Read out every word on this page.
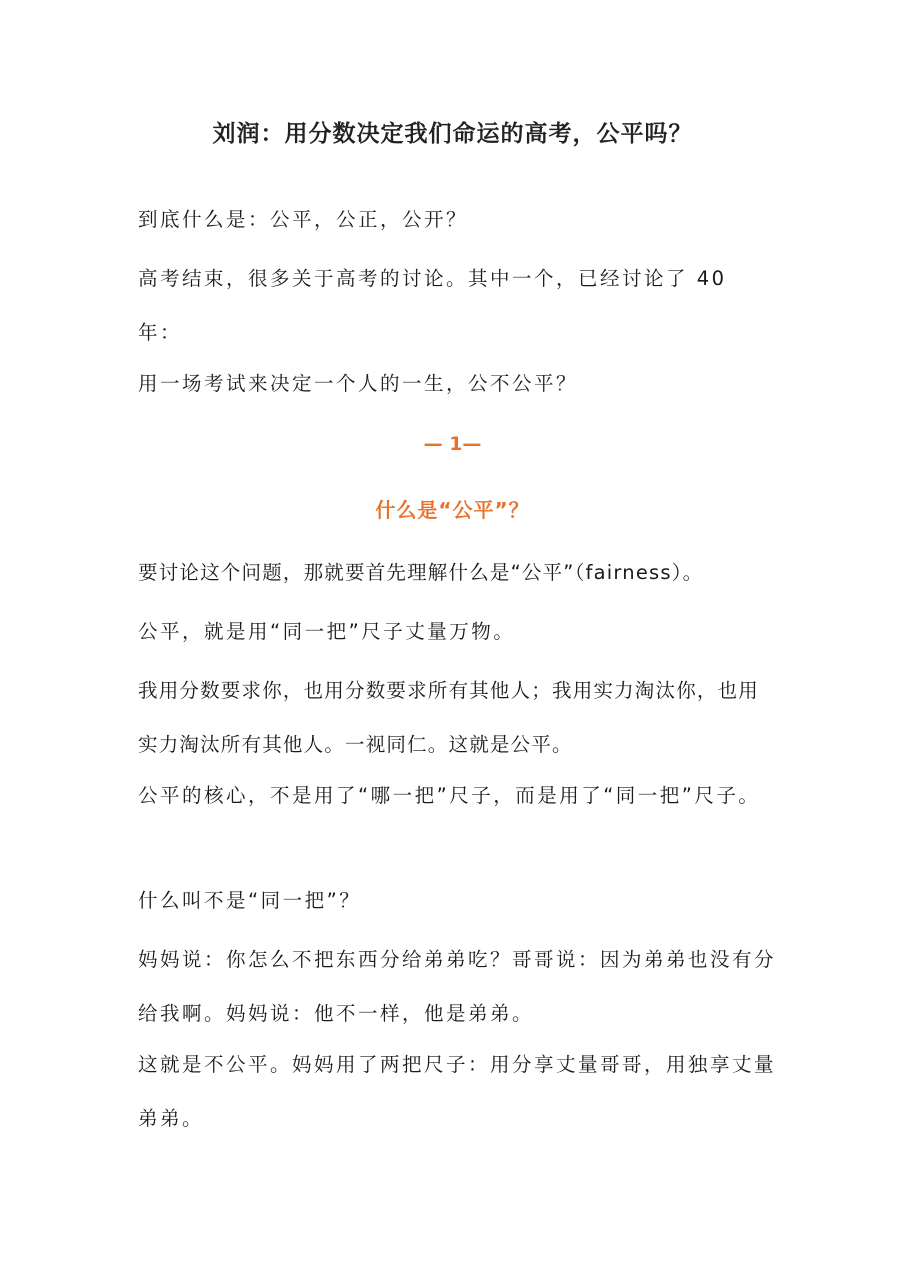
刘润：用分数决定我们命运的高考，公平吗？

到底什么是：公平，公正，公开？

高考结束，很多关于高考的讨论。其中一个，已经讨论了 40 年：

用一场考试来决定一个人的一生，公不公平？

— 1—
什么是“公平”？

要讨论这个问题，那就要首先理解什么是“公平”（fairness）。

公平，就是用“同一把”尺子丈量万物。

我用分数要求你，也用分数要求所有其他人；我用实力淘汰你，也用实力淘汰所有其他人。一视同仁。这就是公平。

公平的核心，不是用了“哪一把”尺子，而是用了“同一把”尺子。

什么叫不是“同一把”？

妈妈说：你怎么不把东西分给弟弟吃？哥哥说：因为弟弟也没有分给我啊。妈妈说：他不一样，他是弟弟。

这就是不公平。妈妈用了两把尺子：用分享丈量哥哥，用独享丈量弟弟。
